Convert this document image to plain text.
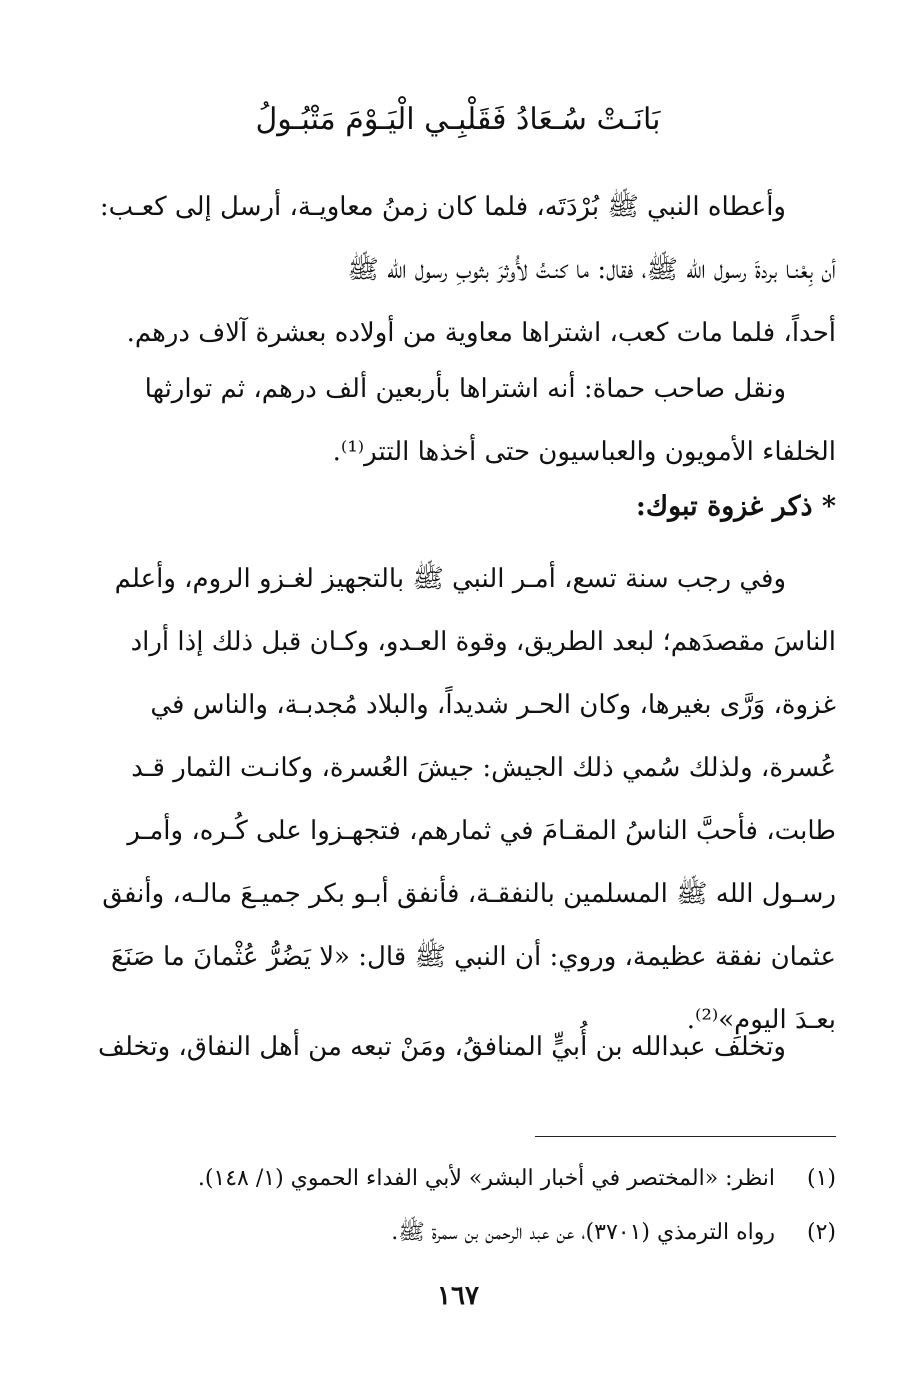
بَانَـتْ سُـعَادُ فَقَلْبِـي الْيَـوْمَ مَتْبُـولُ
وأعطاه النبي ﷺ بُرْدَتَه، فلما كان زمنُ معاويـة، أرسل إلى كعـب:
أن بِعْنـا بردةَ رسول الله ﷺ، فقال: ما كنـتُ لأُوثرَ بثوبِ رسول الله ﷺ
أحداً، فلما مات كعب، اشتراها معاوية من أولاده بعشرة آلاف درهم.
ونقل صاحب حماة: أنه اشتراها بأربعين ألف درهم، ثم توارثها
الخلفاء الأمويون والعباسيون حتى أخذها التتر⁽¹⁾.
* ذكر غزوة تبوك:
وفي رجب سنة تسع، أمـر النبي ﷺ بالتجهيز لغـزو الروم، وأعلم
الناسَ مقصدَهم؛ لبعد الطريق، وقوة العـدو، وكـان قبل ذلك إذا أراد
غزوة، وَرَّى بغيرها، وكان الحـر شديداً، والبلاد مُجدبـة، والناس في
عُسرة، ولذلك سُمي ذلك الجيش: جيشَ العُسرة، وكانـت الثمار قـد
طابت، فأحبَّ الناسُ المقـامَ في ثمارهم، فتجهـزوا على كُـره، وأمـر
رسـول الله ﷺ المسلمين بالنفقـة، فأنفق أبـو بكر جميـعَ مالـه، وأنفق
عثمان نفقة عظيمة، وروي: أن النبي ﷺ قال: «لا يَضُرُّ عُثْمانَ ما صَنَعَ
بعـدَ اليومِ»⁽²⁾.
وتخلف عبدالله بن أُبيٍّ المنافقُ، ومَنْ تبعه من أهل النفاق، وتخلف
(١) انظر: «المختصر في أخبار البشر» لأبي الفداء الحموي (١/ ١٤٨).
(٢) رواه الترمذي (٣٧٠١)، عن عبد الرحمن بن سمرة ﷺ.
١٦٧
